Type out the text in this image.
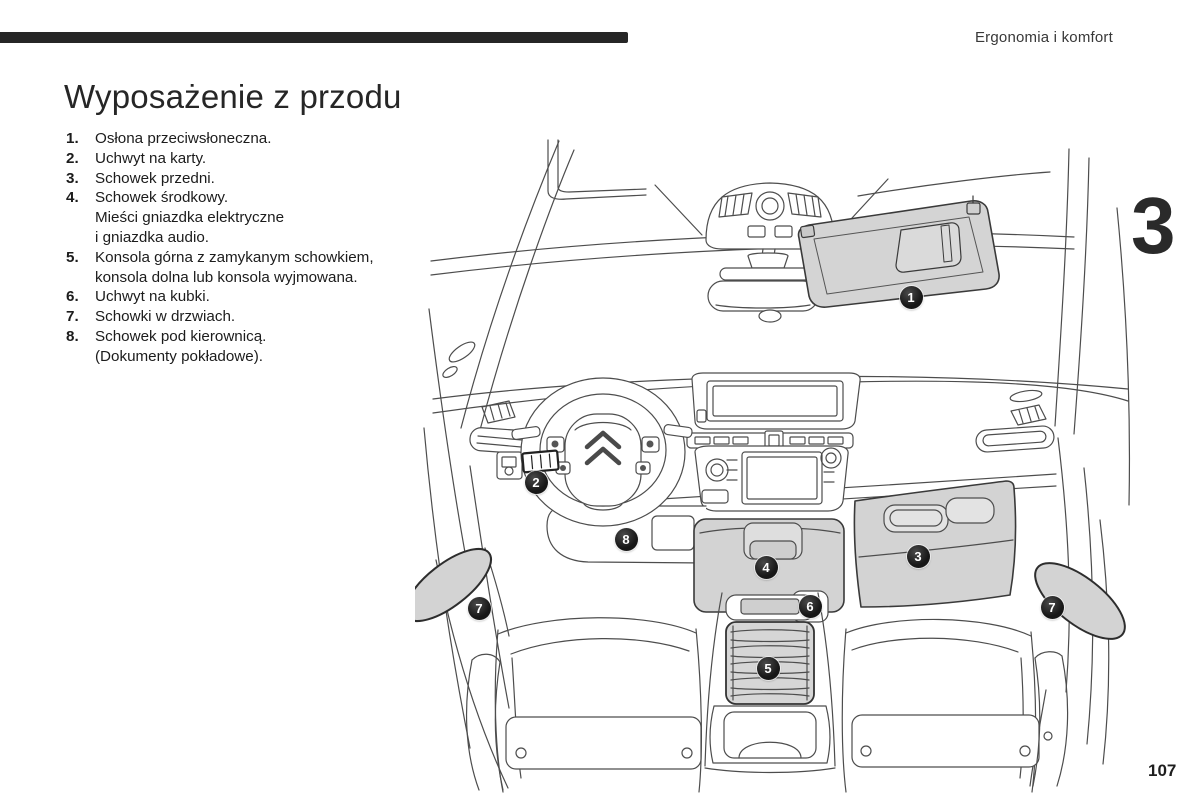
Ergonomia i komfort
Wyposażenie z przodu
3
1.	Osłona przeciwsłoneczna.
2.	Uchwyt na karty.
3.	Schowek przedni.
4.	Schowek środkowy.
Mieści gniazdka elektryczne
i gniazdka audio.
5.	Konsola górna z zamykanym schowkiem,
konsola dolna lub konsola wyjmowana.
6.	Uchwyt na kubki.
7.	Schowki w drzwiach.
8.	Schowek pod kierownicą.
(Dokumenty pokładowe).
1
2
3
4
5
6
7	7
8
107
